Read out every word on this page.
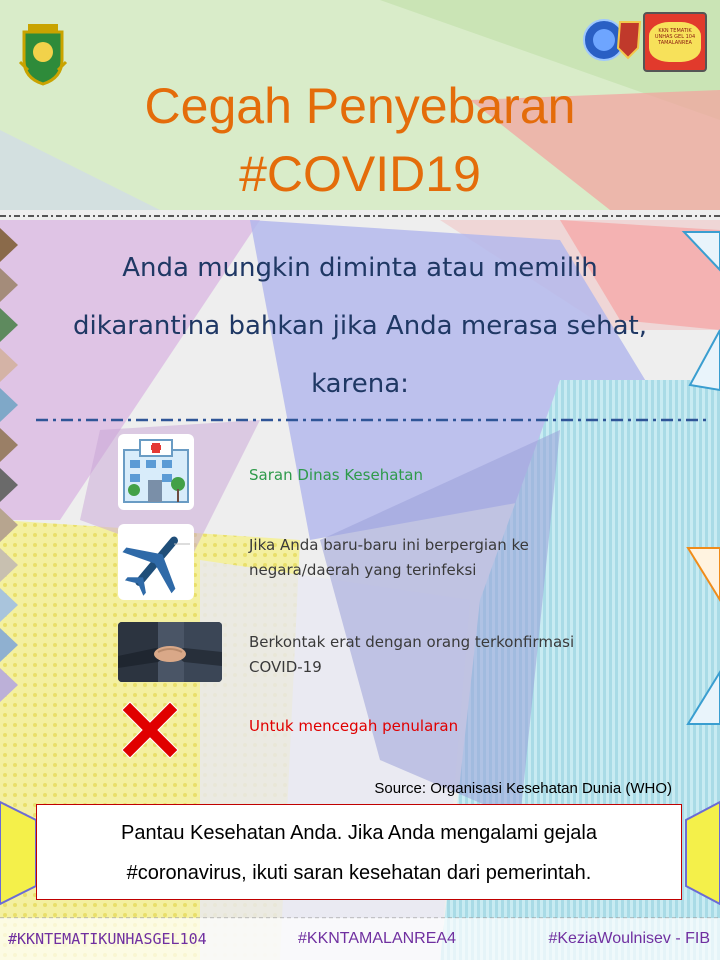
KKN TEMATIK UNHAS GEL 104 TAMALANREA
Cegah Penyebaran
#COVID19
Anda mungkin diminta atau memilih
dikarantina bahkan jika Anda merasa sehat,
karena:
Saran Dinas Kesehatan
Jika Anda baru-baru ini berpergian ke
negara/daerah yang terinfeksi
Berkontak erat dengan orang terkonfirmasi
COVID-19
Untuk mencegah penularan
Source: Organisasi Kesehatan Dunia (WHO)
Pantau Kesehatan Anda. Jika Anda mengalami gejala
#coronavirus, ikuti saran kesehatan dari pemerintah.
#KKNTEMATIKUNHASGEL104	#KKNTAMALANREA4	#KeziaWoulnisev - FIB
